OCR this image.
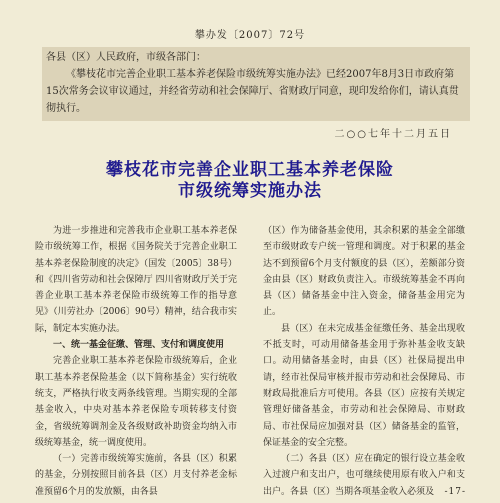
攀办发〔2007〕72号

各县（区）人民政府，市级各部门：

《攀枝花市完善企业职工基本养老保险市级统筹实施办法》已经2007年8月3日市政府第15次常务会议审议通过，并经省劳动和社会保障厅、省财政厅同意，现印发给你们，请认真贯彻执行。

二○○七年十二月五日
攀枝花市完善企业职工基本养老保险
市级统筹实施办法

为进一步推进和完善我市企业职工基本养老保险市级统筹工作，根据《国务院关于完善企业职工基本养老保险制度的决定》（国发〔2005〕38号）和《四川省劳动和社会保障厅 四川省财政厅关于完善企业职工基本养老保险市级统筹工作的指导意见》（川劳社办〔2006〕90号）精神，结合我市实际，制定本实施办法。

一、统一基金征缴、管理、支付和调度使用

完善企业职工基本养老保险市级统筹后，企业职工基本养老保险基金（以下简称基金）实行统收统支，严格执行收支两条线管理。当期实现的全部基金收入，中央对基本养老保险专项转移支付资金，省级统筹调剂金及各级财政补助资金均纳入市级统筹基金，统一调度使用。

（一）完善市级统筹实施前，各县（区）积累的基金，分别按照目前各县（区）月支付养老金标准预留6个月的发放额，由各县

（区）作为储备基金使用，其余积累的基金全部缴至市级财政专户统一管理和调度。对于积累的基金达不到预留6个月支付额度的县（区），差额部分资金由县（区）财政负责注入。市级统筹基金不再向县（区）储备基金中注入资金，储备基金用完为止。

县（区）在未完成基金征缴任务、基金出现收不抵支时，可动用储备基金用于弥补基金收支缺口。动用储备基金时，由县（区）社保局提出申请，经市社保局审核并报市劳动和社会保障局、市财政局批准后方可使用。各县（区）应按有关规定管理好储备基金，市劳动和社会保障局、市财政局、市社保局应加强对县（区）储备基金的监管，保证基金的安全完整。

（二）各县（区）应在确定的银行设立基金收入过渡户和支出户，也可继续使用原有收入户和支出户。各县（区）当期各项基金收入必须及	-17-
